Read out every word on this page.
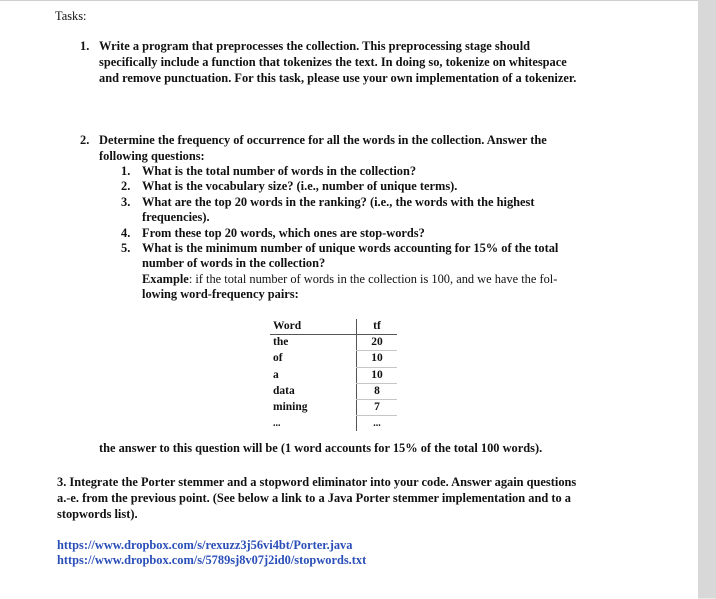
Tasks:
1. Write a program that preprocesses the collection. This preprocessing stage should
specifically include a function that tokenizes the text. In doing so, tokenize on whitespace
and remove punctuation. For this task, please use your own implementation of a tokenizer.
2. Determine the frequency of occurrence for all the words in the collection. Answer the
following questions:
1. What is the total number of words in the collection?
2. What is the vocabulary size? (i.e., number of unique terms).
3. What are the top 20 words in the ranking? (i.e., the words with the highest
frequencies).
4. From these top 20 words, which ones are stop-words?
5. What is the minimum number of unique words accounting for 15% of the total
number of words in the collection?
Example: if the total number of words in the collection is 100, and we have the fol-
lowing word-frequency pairs:
Word	tf
the	20
of	10
a	10
data	8
mining	7
...	...
the answer to this question will be (1 word accounts for 15% of the total 100 words).
3. Integrate the Porter stemmer and a stopword eliminator into your code. Answer again questions
a.-e. from the previous point. (See below a link to a Java Porter stemmer implementation and to a
stopwords list).
https://www.dropbox.com/s/rexuzz3j56vi4bt/Porter.java
https://www.dropbox.com/s/5789sj8v07j2id0/stopwords.txt
